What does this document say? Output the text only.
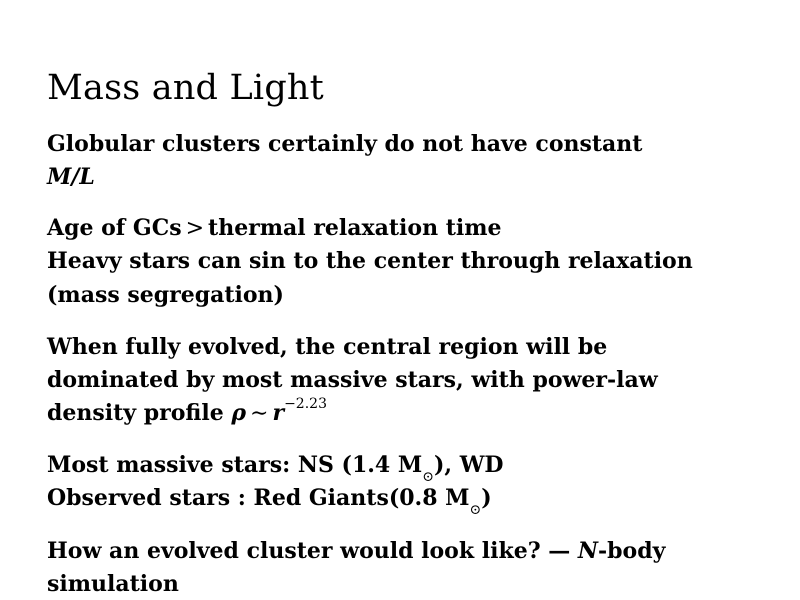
Mass and Light
Globular clusters certainly do not have constant
M/L
Age of GCs > thermal relaxation time
Heavy stars can sin to the center through relaxation
(mass segregation)
When fully evolved, the central region will be
dominated by most massive stars, with power-law
density profile ρ ∼ $r^{-2.23}$
Most massive stars: NS (1.4 $M_⊙$), WD
Observed stars : Red Giants(0.8 $M_⊙$)
How an evolved cluster would look like? — N-body
simulation
